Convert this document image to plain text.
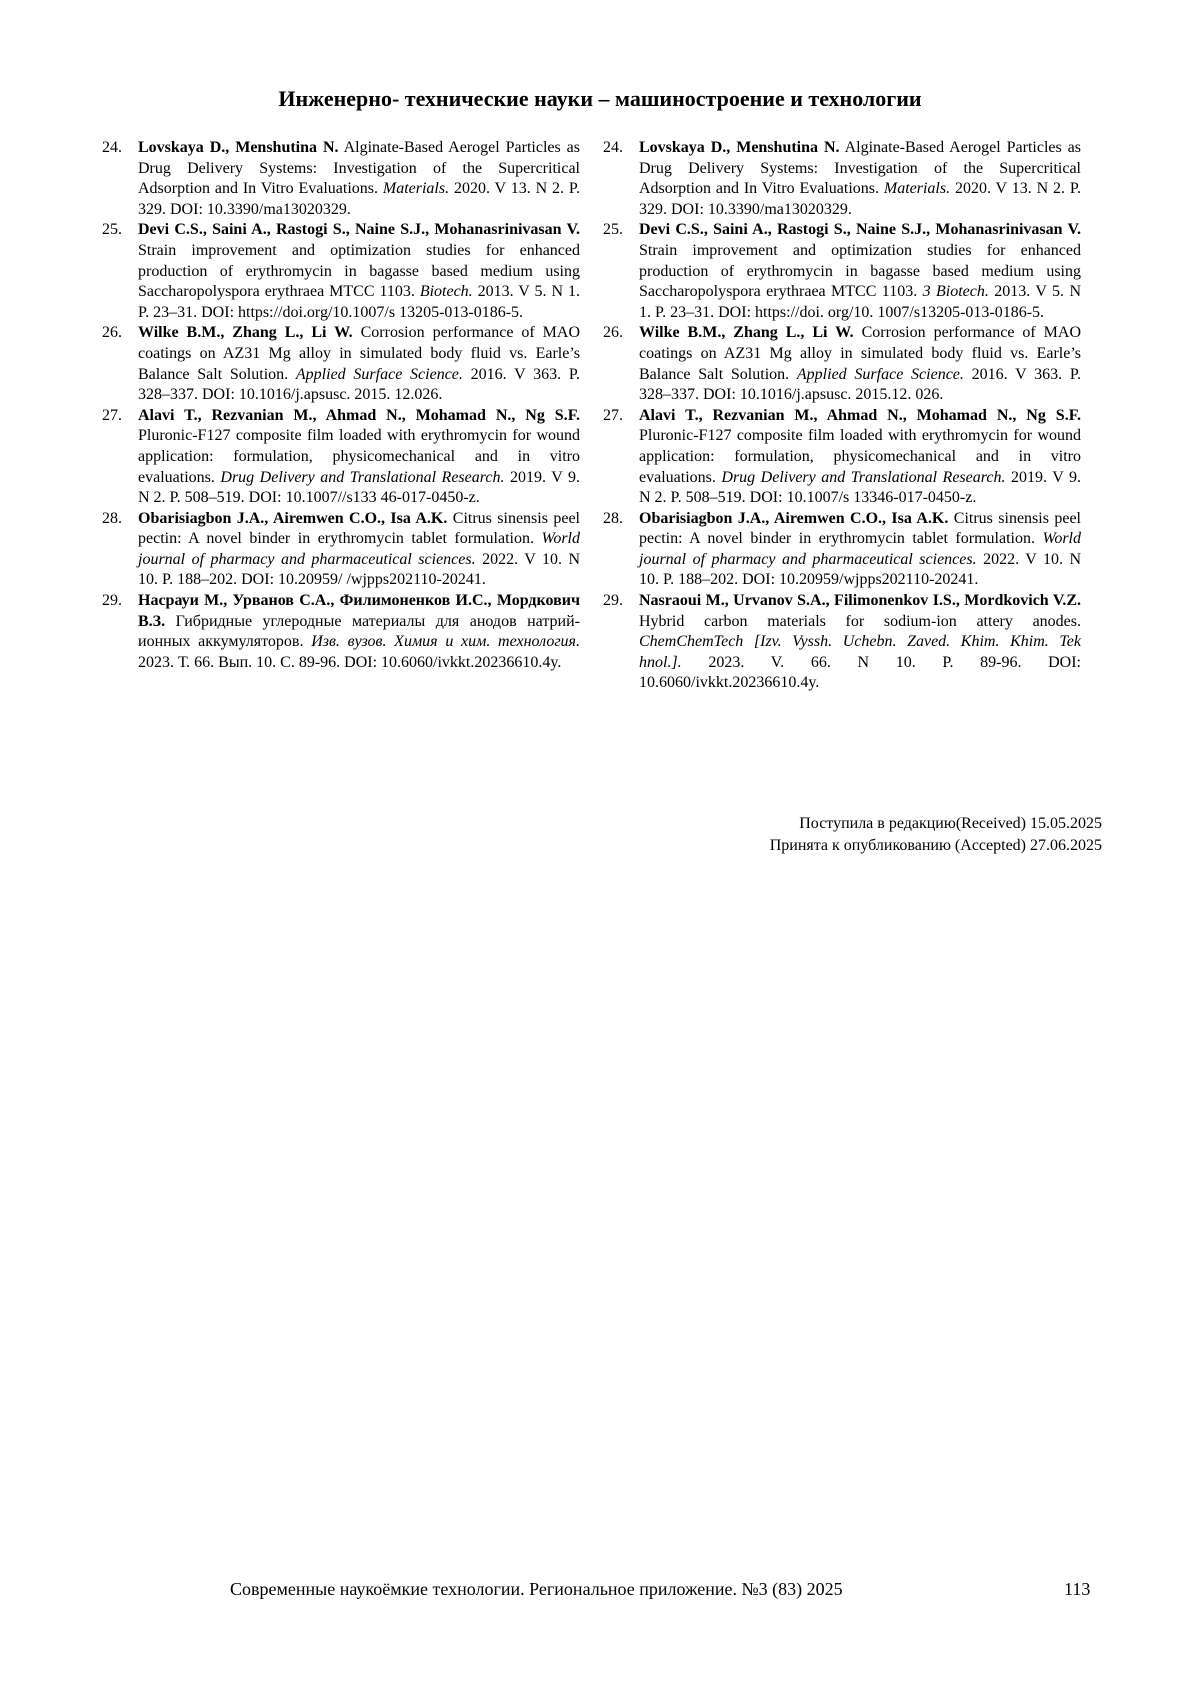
Инженерно- технические науки – машиностроение и технологии
24.	Lovskaya D., Menshutina N. Alginate-Based Aerogel Particles as Drug Delivery Systems: Investigation of the Supercritical Adsorption and In Vitro Evaluations. Materials. 2020. V 13. N 2. P. 329. DOI: 10.3390/ma13020329.
25.	Devi C.S., Saini A., Rastogi S., Naine S.J., Mohanasrinivasan V. Strain improvement and optimization studies for enhanced production of erythromycin in bagasse based medium using Saccharopolyspora erythraea MTCC 1103. Biotech. 2013. V 5. N 1. P. 23–31. DOI: https://doi.org/10.1007/s 13205-013-0186-5.
26.	Wilke B.M., Zhang L., Li W. Corrosion performance of MAO coatings on AZ31 Mg alloy in simulated body fluid vs. Earle’s Balance Salt Solution. Applied Surface Science. 2016. V 363. P. 328–337. DOI: 10.1016/j.apsusc. 2015. 12.026.
27.	Alavi T., Rezvanian M., Ahmad N., Mohamad N., Ng S.F. Pluronic-F127 composite film loaded with erythromycin for wound application: formulation, physicomechanical and in vitro evaluations. Drug Delivery and Translational Research. 2019. V 9. N 2. P. 508–519. DOI: 10.1007//s133 46-017-0450-z.
28.	Obarisiagbon J.A., Airemwen C.O., Isa A.K. Citrus sinensis peel pectin: A novel binder in erythromycin tablet formulation. World journal of pharmacy and pharmaceutical sciences. 2022. V 10. N 10. P. 188–202. DOI: 10.20959/ /wjpps202110-20241.
29.	Насрауи М., Урванов С.А., Филимоненков И.С., Мордкович В.З. Гибридные углеродные материалы для анодов натрий-ионных аккумуляторов. Изв. вузов. Химия и хим. технология. 2023. Т. 66. Вып. 10. С. 89-96. DOI: 10.6060/ivkkt.20236610.4y.
24.	Lovskaya D., Menshutina N. Alginate-Based Aerogel Particles as Drug Delivery Systems: Investigation of the Supercritical Adsorption and In Vitro Evaluations. Materials. 2020. V 13. N 2. P. 329. DOI: 10.3390/ma13020329.
25.	Devi C.S., Saini A., Rastogi S., Naine S.J., Mohanasrinivasan V. Strain improvement and optimization studies for enhanced production of erythromycin in bagasse based medium using Saccharopolyspora erythraea MTCC 1103. 3 Biotech. 2013. V 5. N 1. P. 23–31. DOI: https://doi. org/10. 1007/s13205-013-0186-5.
26.	Wilke B.M., Zhang L., Li W. Corrosion performance of MAO coatings on AZ31 Mg alloy in simulated body fluid vs. Earle’s Balance Salt Solution. Applied Surface Science. 2016. V 363. P. 328–337. DOI: 10.1016/j.apsusc. 2015.12. 026.
27.	Alavi T., Rezvanian M., Ahmad N., Mohamad N., Ng S.F. Pluronic-F127 composite film loaded with erythromycin for wound application: formulation, physicomechanical and in vitro evaluations. Drug Delivery and Translational Research. 2019. V 9. N 2. P. 508–519. DOI: 10.1007/s 13346-017-0450-z.
28.	Obarisiagbon J.A., Airemwen C.O., Isa A.K. Citrus sinensis peel pectin: A novel binder in erythromycin tablet formulation. World journal of pharmacy and pharmaceutical sciences. 2022. V 10. N 10. P. 188–202. DOI: 10.20959/wjpps202110-20241.
29.	Nasraoui M., Urvanov S.A., Filimonenkov I.S., Mordkovich V.Z. Hybrid carbon materials for sodium-ion attery anodes. ChemChemTech [Izv. Vyssh. Uchebn. Zaved. Khim. Khim. Tek hnol.]. 2023. V. 66. N 10. P. 89-96. DOI: 10.6060/ivkkt.20236610.4y.
Поступила в редакцию(Received) 15.05.2025
Принята к опубликованию (Accepted) 27.06.2025
Современные наукоёмкие технологии. Региональное приложение. №3 (83) 2025	113
